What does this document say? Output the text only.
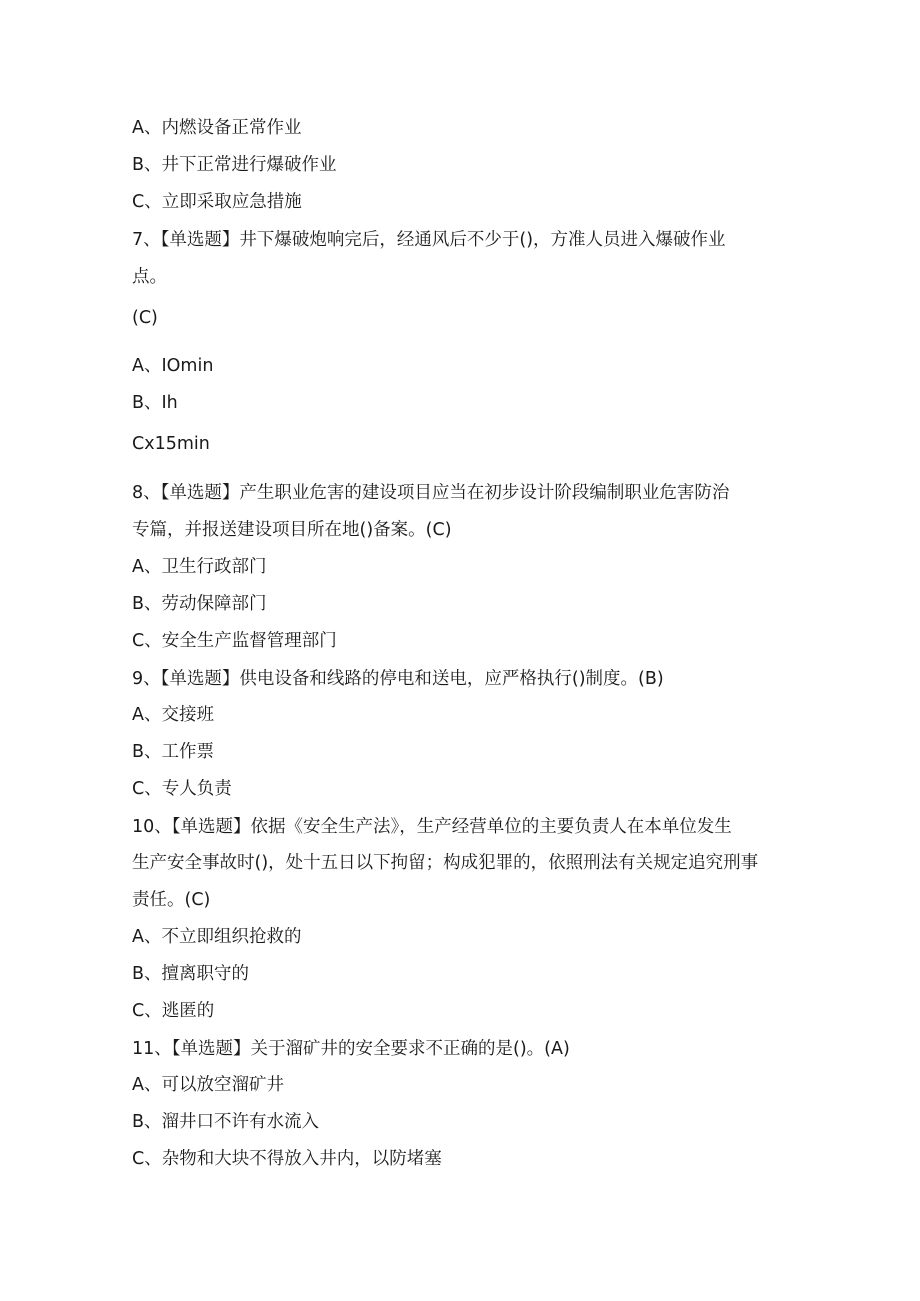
A、内燃设备正常作业
B、井下正常进行爆破作业
C、立即采取应急措施
7、【单选题】井下爆破炮响完后，经通风后不少于()，方准人员进入爆破作业
点。
(C)
A、IOmin
B、Ih
Cx15min
8、【单选题】产生职业危害的建设项目应当在初步设计阶段编制职业危害防治
专篇，并报送建设项目所在地()备案。(C)
A、卫生行政部门
B、劳动保障部门
C、安全生产监督管理部门
9、【单选题】供电设备和线路的停电和送电，应严格执行()制度。(B)
A、交接班
B、工作票
C、专人负责
10、【单选题】依据《安全生产法》，生产经营单位的主要负责人在本单位发生
生产安全事故时()，处十五日以下拘留；构成犯罪的，依照刑法有关规定追究刑事
责任。(C)
A、不立即组织抢救的
B、擅离职守的
C、逃匿的
11、【单选题】关于溜矿井的安全要求不正确的是()。(A)
A、可以放空溜矿井
B、溜井口不许有水流入
C、杂物和大块不得放入井内，以防堵塞
